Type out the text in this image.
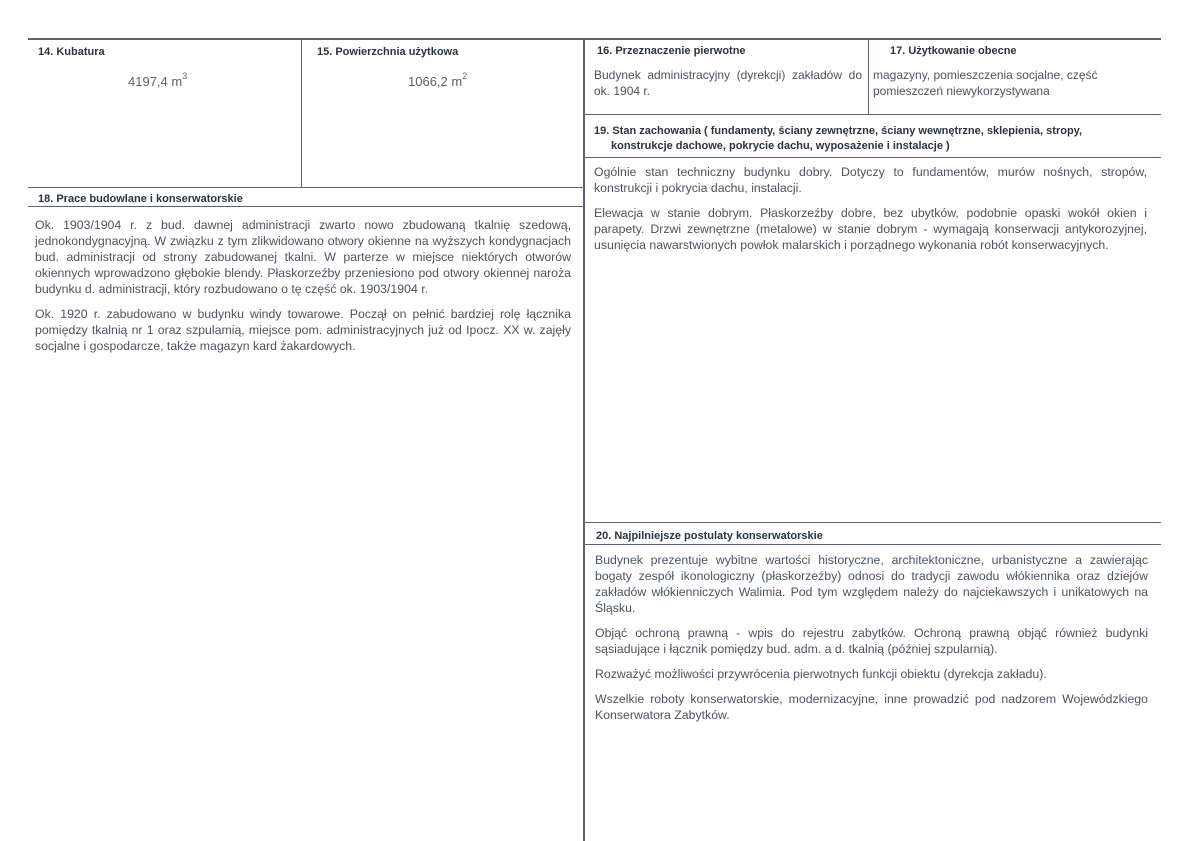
14. Kubatura
4197,4 $m^3$
15. Powierzchnia użytkowa
1066,2 $m^2$
16. Przeznaczenie pierwotne
Budynek administracyjny (dyrekcji) zakładów do ok. 1904 r.
17. Użytkowanie obecne
magazyny, pomieszczenia socjalne, część pomieszczeń niewykorzystywana
18. Prace budowlane i konserwatorskie

Ok. 1903/1904 r. z bud. dawnej administracji zwarto nowo zbudowaną tkalnię szedową, jednokondygnacyjną. W związku z tym zlikwidowano otwory okienne na wyższych kondygnacjach bud. administracji od strony zabudowanej tkalni. W parterze w miejsce niektórych otworów okiennych wprowadzono głębokie blendy. Płaskorzeźby przeniesiono pod otwory okiennej naroża budynku d. administracji, który rozbudowano o tę część ok. 1903/1904 r.

Ok. 1920 r. zabudowano w budynku windy towarowe. Począł on pełnić bardziej rolę łącznika pomiędzy tkalnią nr 1 oraz szpulamią, miejsce pom. administracyjnych już od Ipocz. XX w. zajęły socjalne i gospodarcze, także magazyn kard żakardowych.

19. Stan zachowania ( fundamenty, ściany zewnętrzne, ściany wewnętrzne, sklepienia, stropy,
konstrukcje dachowe, pokrycie dachu, wyposażenie i instalacje )

Ogólnie stan techniczny budynku dobry. Dotyczy to fundamentów, murów nośnych, stropów, konstrukcji i pokrycia dachu, instalacji.

Elewacja w stanie dobrym. Płaskorzeźby dobre, bez ubytków, podobnie opaski wokół okien i parapety. Drzwi zewnętrzne (metalowe) w stanie dobrym - wymagają konserwacji antykorozyjnej, usunięcia nawarstwionych powłok malarskich i porządnego wykonania robót konserwacyjnych.

20. Najpilniejsze postulaty konserwatorskie

Budynek prezentuje wybitne wartości historyczne, architektoniczne, urbanistyczne a zawierając bogaty zespół ikonologiczny (płaskorzeźby) odnosi do tradycji zawodu włókiennika oraz dziejów zakładów włókienniczych Walimia. Pod tym względem należy do najciekawszych i unikatowych na Śląsku.

Objąć ochroną prawną - wpis do rejestru zabytków. Ochroną prawną objąć również budynki sąsiadujące i łącznik pomiędzy bud. adm. a d. tkalnią (później szpularnią).

Rozważyć możliwości przywrócenia pierwotnych funkcji obiektu (dyrekcja zakładu).

Wszelkie roboty konserwatorskie, modernizacyjne, inne prowadzić pod nadzorem Wojewódzkiego Konserwatora Zabytków.
